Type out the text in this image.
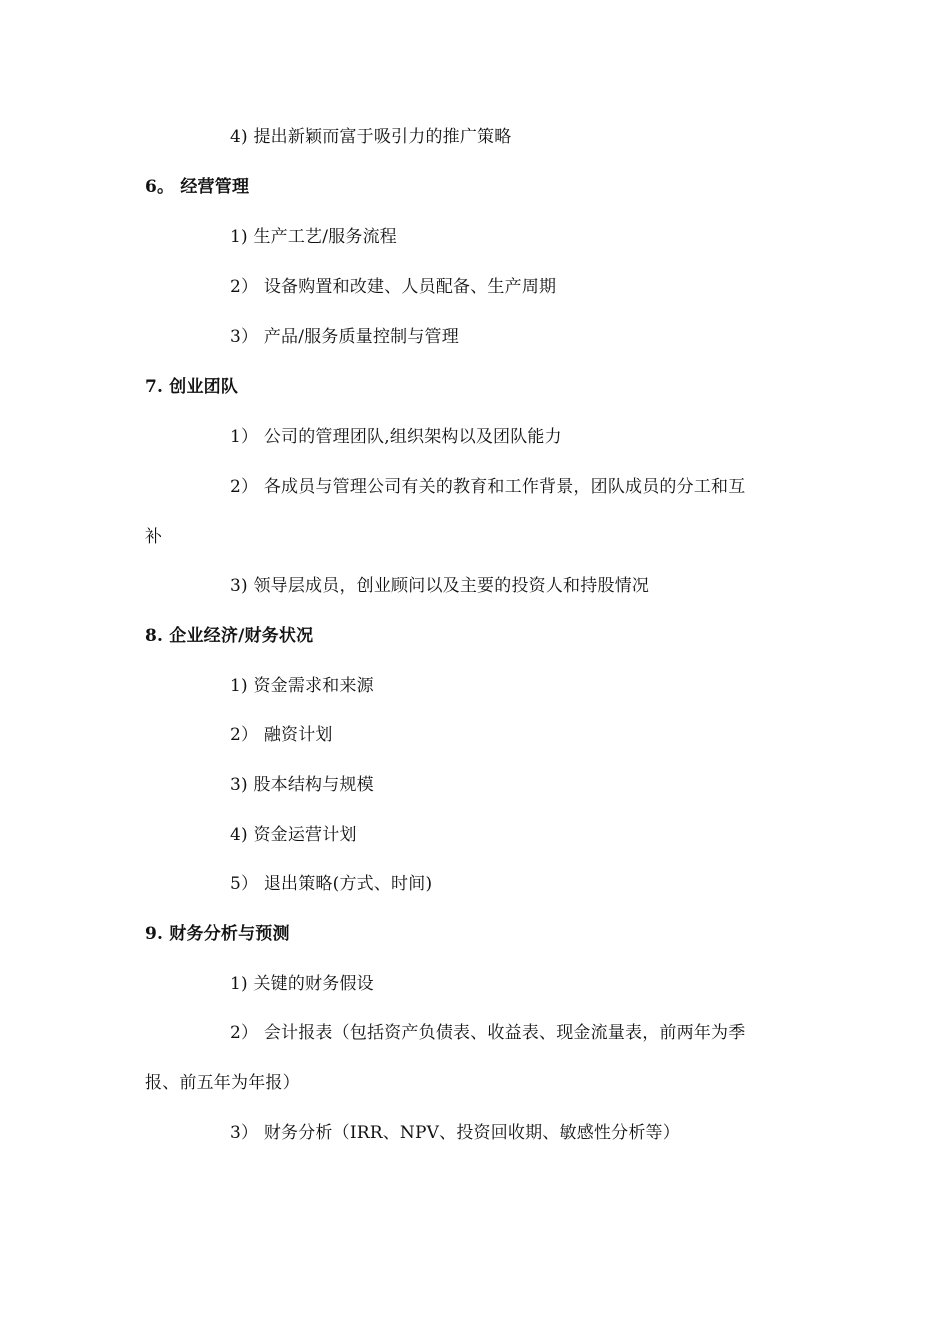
4) 提出新颖而富于吸引力的推广策略
6。 经营管理
1) 生产工艺/服务流程
2） 设备购置和改建、人员配备、生产周期
3） 产品/服务质量控制与管理
7. 创业团队
1） 公司的管理团队,组织架构以及团队能力
2） 各成员与管理公司有关的教育和工作背景，团队成员的分工和互
补
3) 领导层成员，创业顾问以及主要的投资人和持股情况
8. 企业经济/财务状况
1) 资金需求和来源
2） 融资计划
3) 股本结构与规模
4) 资金运营计划
5） 退出策略(方式、时间)
9. 财务分析与预测
1) 关键的财务假设
2） 会计报表（包括资产负债表、收益表、现金流量表，前两年为季
报、前五年为年报）
3） 财务分析（IRR、NPV、投资回收期、敏感性分析等）
